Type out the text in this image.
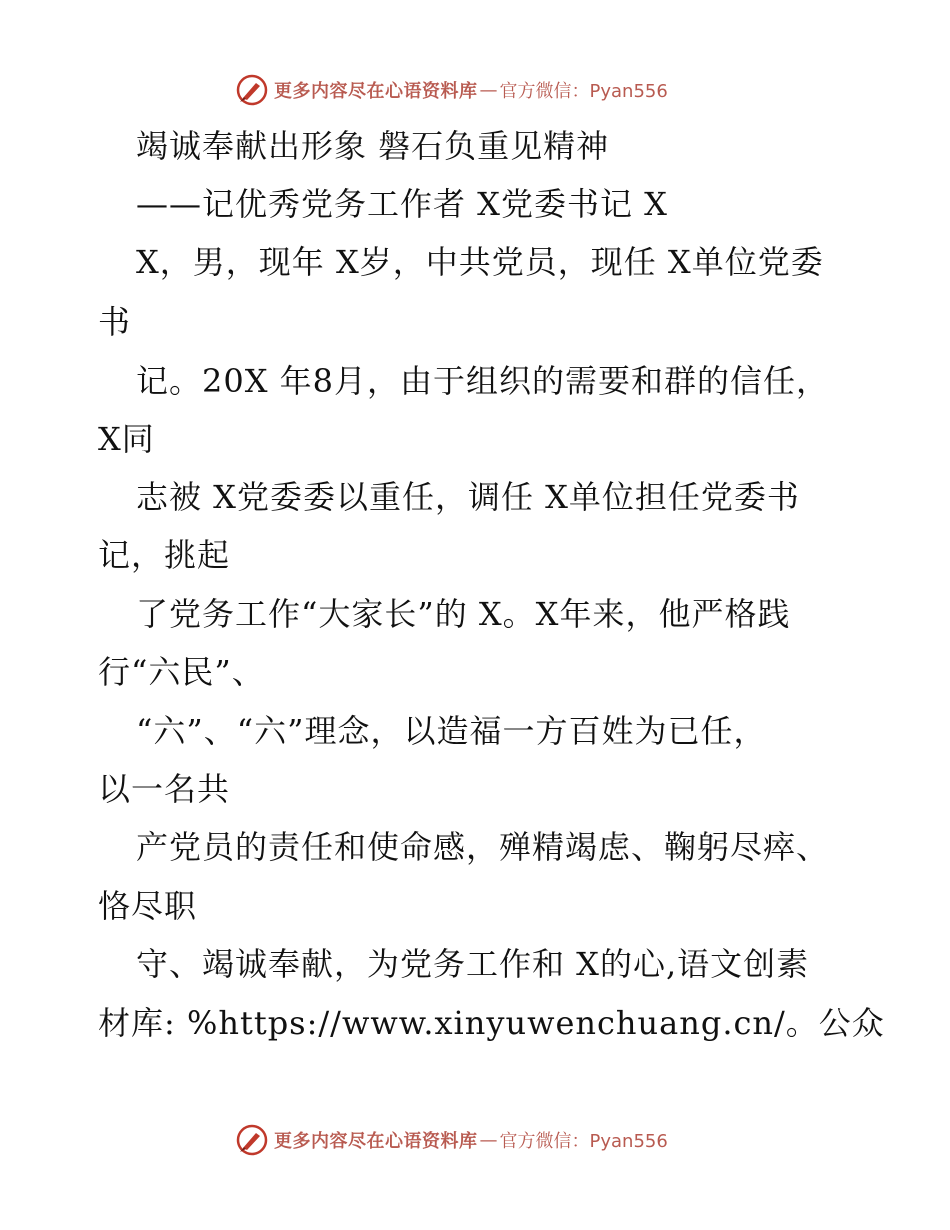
更多内容尽在心语资料库 — 官方微信：Pyan556
竭诚奉献出形象 磐石负重见精神
——记优秀党务工作者 X党委书记 X
X，男，现年 X岁，中共党员，现任 X单位党委
书
记。20X 年8月，由于组织的需要和群的信任，
X同
志被 X党委委以重任，调任 X单位担任党委书
记，挑起
了党务工作“大家长”的 X。X年来，他严格践
行“六民”、
“六”、“六”理念，以造福一方百姓为已任，
以一名共
产党员的责任和使命感，殚精竭虑、鞠躬尽瘁、
恪尽职
守、竭诚奉献，为党务工作和 X的心,语文创素
材库: %https://www.xinyuwenchuang.cn/。公众
更多内容尽在心语资料库 — 官方微信：Pyan556
